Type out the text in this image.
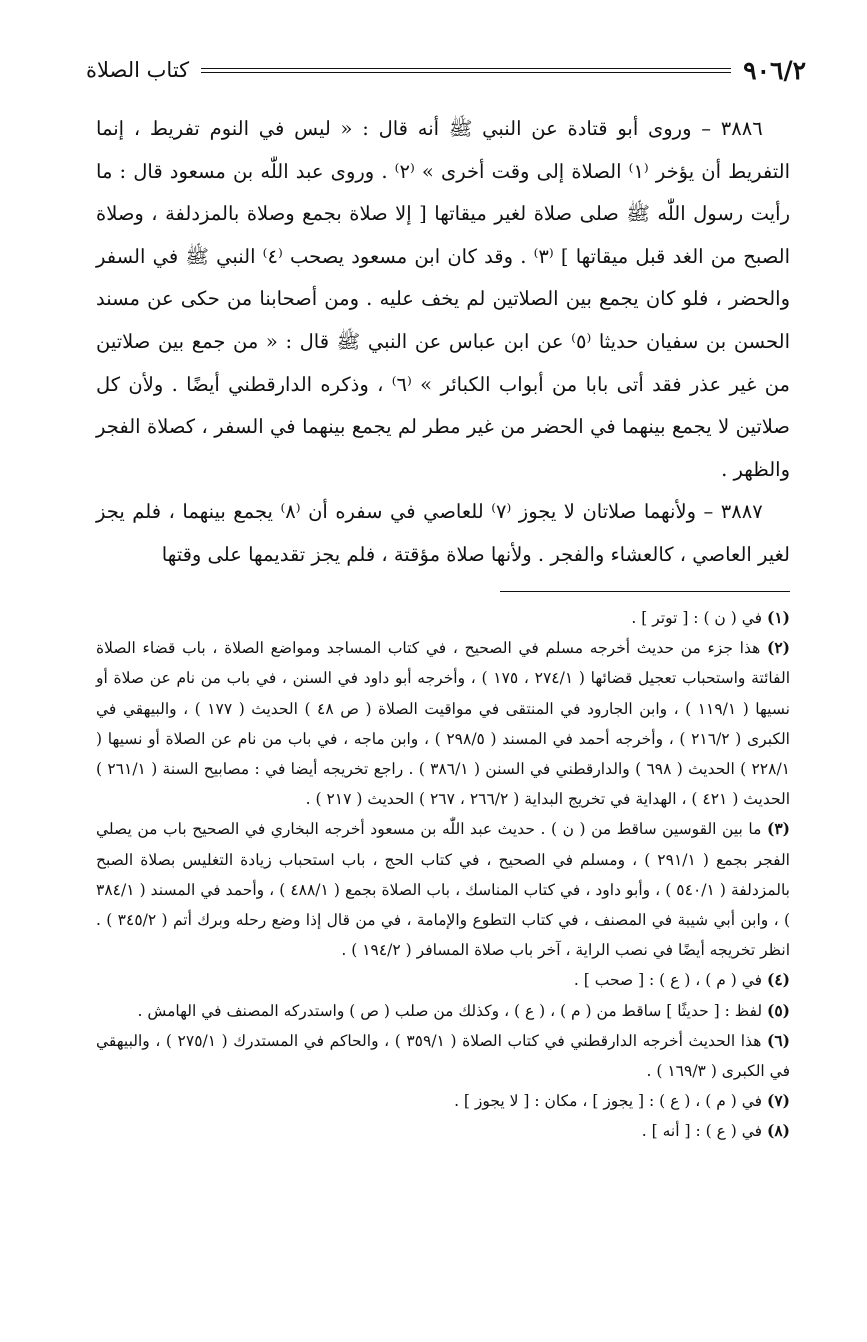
٩٠٦/٢
كتاب الصلاة

٣٨٨٦ – وروى أبو قتادة عن النبي ﷺ أنه قال : « ليس في النوم تفريط ، إنما التفريط أن يؤخر ⁽١⁾ الصلاة إلى وقت أخرى » ⁽٢⁾ . وروى عبد اللّٰه بن مسعود قال : ما رأيت رسول اللّٰه ﷺ صلى صلاة لغير ميقاتها [ إلا صلاة بجمع وصلاة بالمزدلفة ، وصلاة الصبح من الغد قبل ميقاتها ] ⁽٣⁾ . وقد كان ابن مسعود يصحب ⁽٤⁾ النبي ﷺ في السفر والحضر ، فلو كان يجمع بين الصلاتين لم يخف عليه . ومن أصحابنا من حكى عن مسند الحسن بن سفيان حديثا ⁽٥⁾ عن ابن عباس عن النبي ﷺ قال : « من جمع بين صلاتين من غير عذر فقد أتى بابا من أبواب الكبائر » ⁽٦⁾ ، وذكره الدارقطني أيضًا . ولأن كل صلاتين لا يجمع بينهما في الحضر من غير مطر لم يجمع بينهما في السفر ، كصلاة الفجر والظهر .

٣٨٨٧ – ولأنهما صلاتان لا يجوز ⁽٧⁾ للعاصي في سفره أن ⁽٨⁾ يجمع بينهما ، فلم يجز لغير العاصي ، كالعشاء والفجر . ولأنها صلاة مؤقتة ، فلم يجز تقديمها على وقتها

(١) في ( ن ) : [ توتر ] .

(٢) هذا جزء من حديث أخرجه مسلم في الصحيح ، في كتاب المساجد ومواضع الصلاة ، باب قضاء الصلاة الفائتة واستحباب تعجيل قضائها ( ٢٧٤/١ ، ١٧٥ ) ، وأخرجه أبو داود في السنن ، في باب من نام عن صلاة أو نسيها ( ١١٩/١ ) ، وابن الجارود في المنتقى في مواقيت الصلاة ( ص ٤٨ ) الحديث ( ١٧٧ ) ، والبيهقي في الكبرى ( ٢١٦/٢ ) ، وأخرجه أحمد في المسند ( ٢٩٨/٥ ) ، وابن ماجه ، في باب من نام عن الصلاة أو نسيها ( ٢٢٨/١ ) الحديث ( ٦٩٨ ) والدارقطني في السنن ( ٣٨٦/١ ) . راجع تخريجه أيضا في : مصابيح السنة ( ٢٦١/١ ) الحديث ( ٤٢١ ) ، الهداية في تخريج البداية ( ٢٦٦/٢ ، ٢٦٧ ) الحديث ( ٢١٧ ) .

(٣) ما بين القوسين ساقط من ( ن ) . حديث عبد اللّٰه بن مسعود أخرجه البخاري في الصحيح باب من يصلي الفجر بجمع ( ٢٩١/١ ) ، ومسلم في الصحيح ، في كتاب الحج ، باب استحباب زيادة التغليس بصلاة الصبح بالمزدلفة ( ٥٤٠/١ ) ، وأبو داود ، في كتاب المناسك ، باب الصلاة بجمع ( ٤٨٨/١ ) ، وأحمد في المسند ( ٣٨٤/١ ) ، وابن أبي شيبة في المصنف ، في كتاب التطوع والإمامة ، في من قال إذا وضع رحله وبرك أتم ( ٣٤٥/٢ ) . انظر تخريجه أيضًا في نصب الراية ، آخر باب صلاة المسافر ( ١٩٤/٢ ) .

(٤) في ( م ) ، ( ع ) : [ صحب ] .

(٥) لفظ : [ حديثًا ] ساقط من ( م ) ، ( ع ) ، وكذلك من صلب ( ص ) واستدركه المصنف في الهامش .

(٦) هذا الحديث أخرجه الدارقطني في كتاب الصلاة ( ٣٥٩/١ ) ، والحاكم في المستدرك ( ٢٧٥/١ ) ، والبيهقي في الكبرى ( ١٦٩/٣ ) .

(٧) في ( م ) ، ( ع ) : [ يجوز ] ، مكان : [ لا يجوز ] .

(٨) في ( ع ) : [ أنه ] .
